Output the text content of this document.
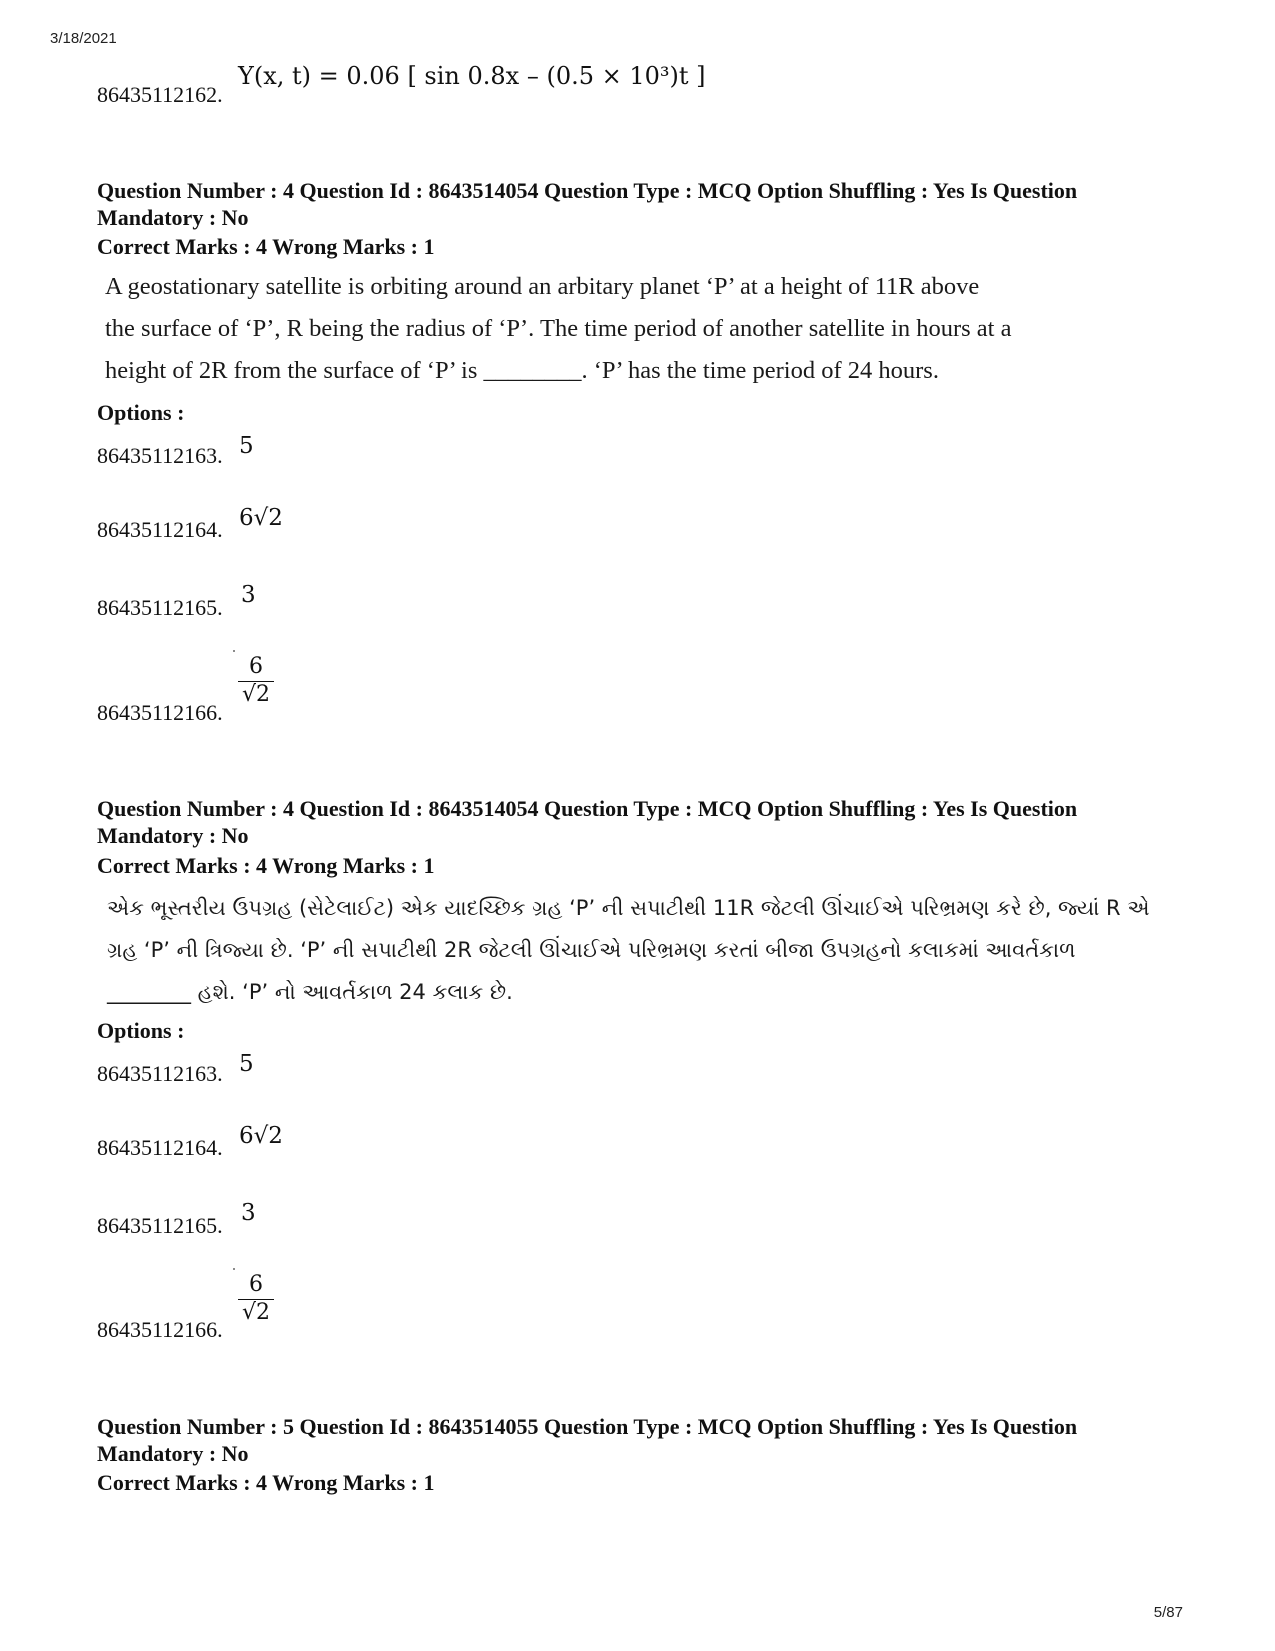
3/18/2021
5/87
86435112162.
Y(x, t) = 0.06 [ sin 0.8x – (0.5 × 10³)t ]
Question Number : 4 Question Id : 8643514054 Question Type : MCQ Option Shuffling : Yes Is Question Mandatory : No
Correct Marks : 4 Wrong Marks : 1
A geostationary satellite is orbiting around an arbitary planet ‘P’ at a height of 11R above
the surface of ‘P’, R being the radius of ‘P’. The time period of another satellite in hours at a
height of 2R from the surface of ‘P’ is ________. ‘P’ has the time period of 24 hours.
Options :
86435112163. 5
86435112164. 6√2
86435112165. 3
86435112166.
$\frac{6}{√2}$
Question Number : 4 Question Id : 8643514054 Question Type : MCQ Option Shuffling : Yes Is Question Mandatory : No
Correct Marks : 4 Wrong Marks : 1
એક ભૂસ્તરીય ઉપગ્રહ (સેટેલાઈટ) એક યાદચ્છિક ગ્રહ ‘P’ ની સપાટીથી 11R જેટલી ઊંચાઈએ પરિભ્રમણ કરે છે, જ્યાં R એ
ગ્રહ ‘P’ ની ત્રિજ્યા છે. ‘P’ ની સપાટીથી 2R જેટલી ઊંચાઈએ પરિભ્રમણ કરતાં બીજા ઉપગ્રહનો કલાકમાં આવર્તકાળ
________ હશે. ‘P’ નો આવર્તકાળ 24 કલાક છે.
Options :
86435112163. 5
86435112164. 6√2
86435112165. 3
86435112166.
$\frac{6}{√2}$
Question Number : 5 Question Id : 8643514055 Question Type : MCQ Option Shuffling : Yes Is Question Mandatory : No
Correct Marks : 4 Wrong Marks : 1
